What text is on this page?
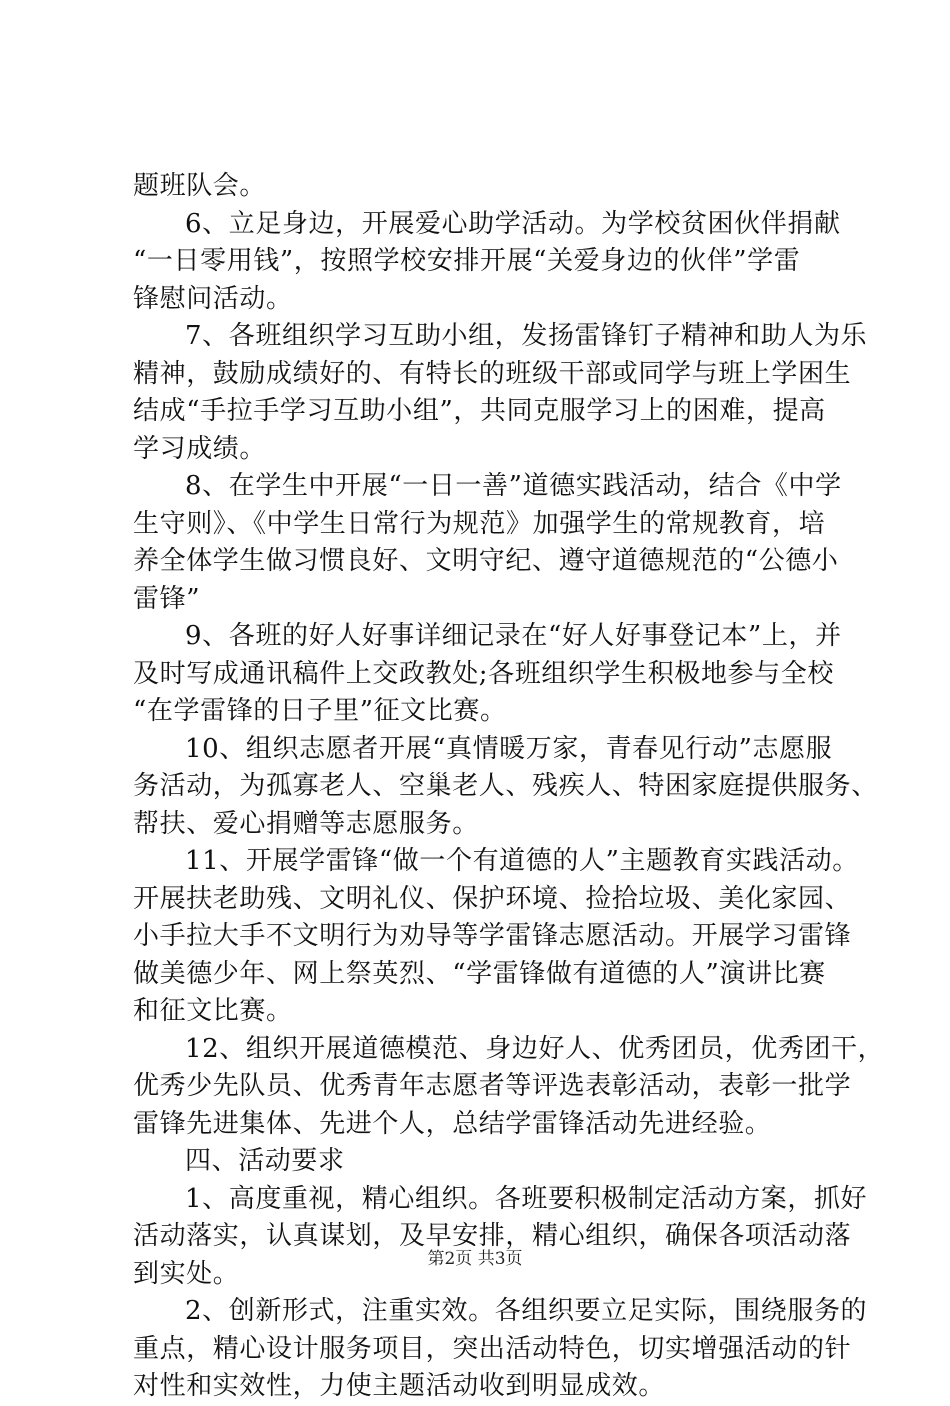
题班队会。

6、立足身边，开展爱心助学活动。为学校贫困伙伴捐献
“一日零用钱”，按照学校安排开展“关爱身边的伙伴”学雷
锋慰问活动。

7、各班组织学习互助小组，发扬雷锋钉子精神和助人为乐
精神，鼓励成绩好的、有特长的班级干部或同学与班上学困生
结成“手拉手学习互助小组”，共同克服学习上的困难，提高
学习成绩。

8、在学生中开展“一日一善”道德实践活动，结合《中学
生守则》、《中学生日常行为规范》加强学生的常规教育，培
养全体学生做习惯良好、文明守纪、遵守道德规范的“公德小
雷锋”

9、各班的好人好事详细记录在“好人好事登记本”上，并
及时写成通讯稿件上交政教处;各班组织学生积极地参与全校
“在学雷锋的日子里”征文比赛。

10、组织志愿者开展“真情暖万家，青春见行动”志愿服
务活动，为孤寡老人、空巢老人、残疾人、特困家庭提供服务、
帮扶、爱心捐赠等志愿服务。

11、开展学雷锋“做一个有道德的人”主题教育实践活动。
开展扶老助残、文明礼仪、保护环境、捡拾垃圾、美化家园、
小手拉大手不文明行为劝导等学雷锋志愿活动。开展学习雷锋
做美德少年、网上祭英烈、“学雷锋做有道德的人”演讲比赛
和征文比赛。

12、组织开展道德模范、身边好人、优秀团员，优秀团干，
优秀少先队员、优秀青年志愿者等评选表彰活动，表彰一批学
雷锋先进集体、先进个人，总结学雷锋活动先进经验。

四、活动要求

1、高度重视，精心组织。各班要积极制定活动方案，抓好
活动落实，认真谋划，及早安排，精心组织，确保各项活动落
到实处。

2、创新形式，注重实效。各组织要立足实际，围绕服务的
重点，精心设计服务项目，突出活动特色，切实增强活动的针
对性和实效性，力使主题活动收到明显成效。

第2页 共3页
